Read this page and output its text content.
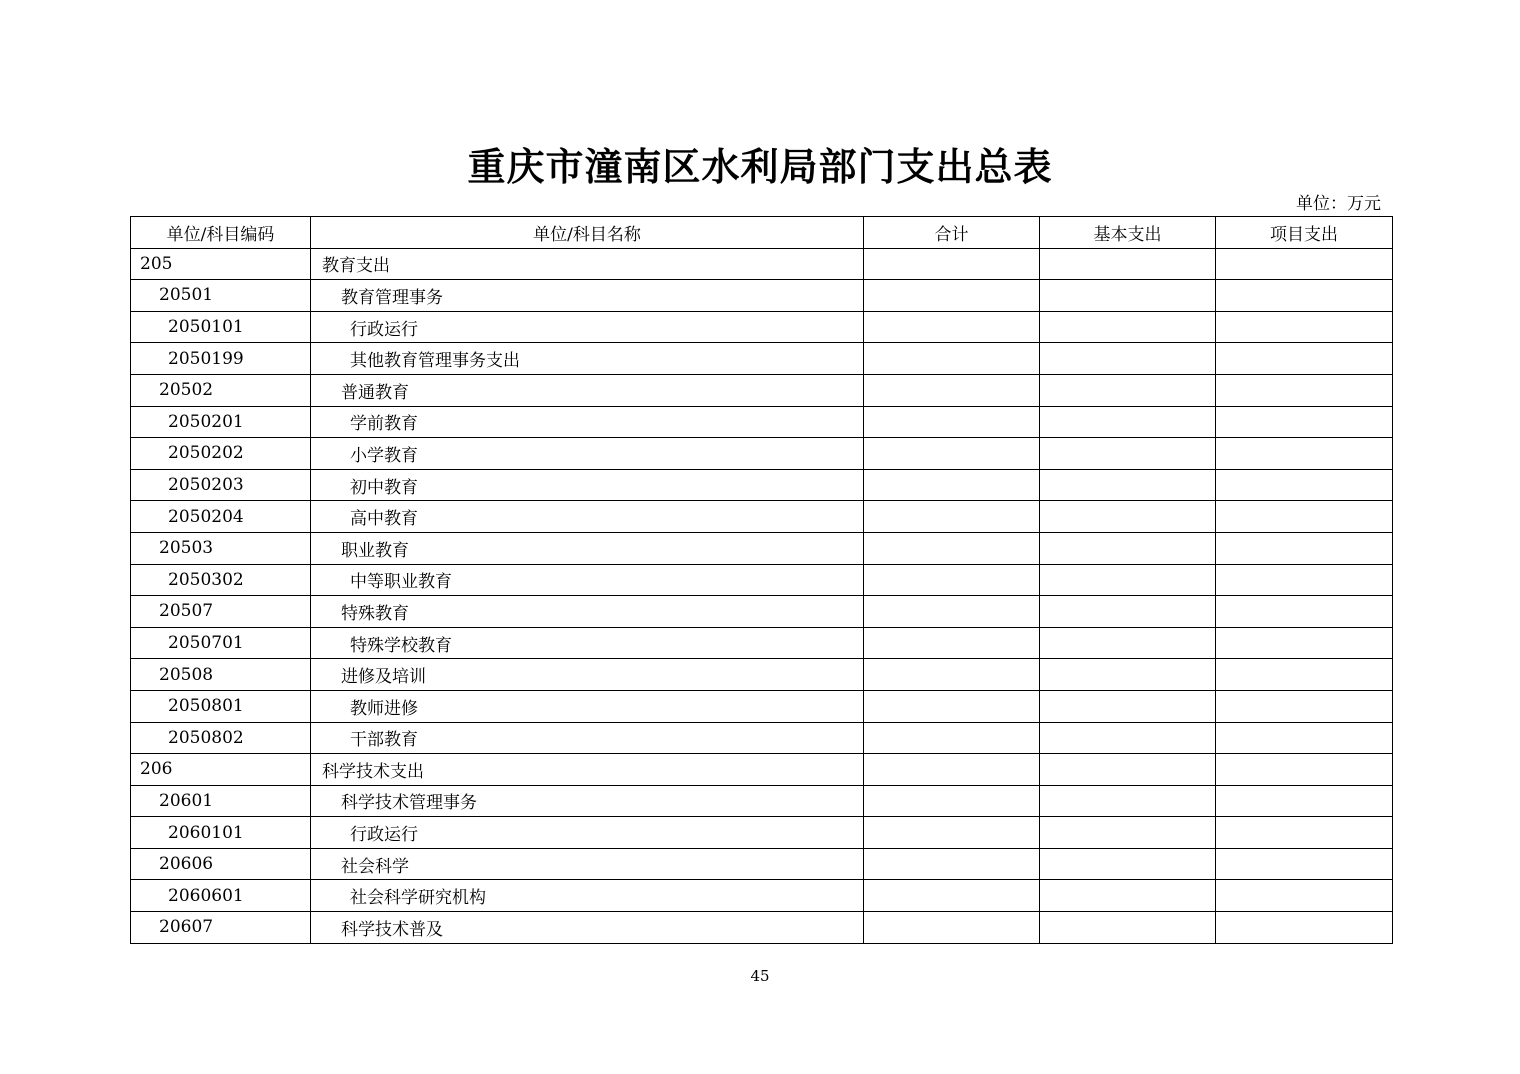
重庆市潼南区水利局部门支出总表
单位：万元
单位/科目编码	单位/科目名称	合计	基本支出	项目支出
205	教育支出			
20501	教育管理事务			
2050101	行政运行			
2050199	其他教育管理事务支出			
20502	普通教育			
2050201	学前教育			
2050202	小学教育			
2050203	初中教育			
2050204	高中教育			
20503	职业教育			
2050302	中等职业教育			
20507	特殊教育			
2050701	特殊学校教育			
20508	进修及培训			
2050801	教师进修			
2050802	干部教育			
206	科学技术支出			
20601	科学技术管理事务			
2060101	行政运行			
20606	社会科学			
2060601	社会科学研究机构			
20607	科学技术普及			
45
